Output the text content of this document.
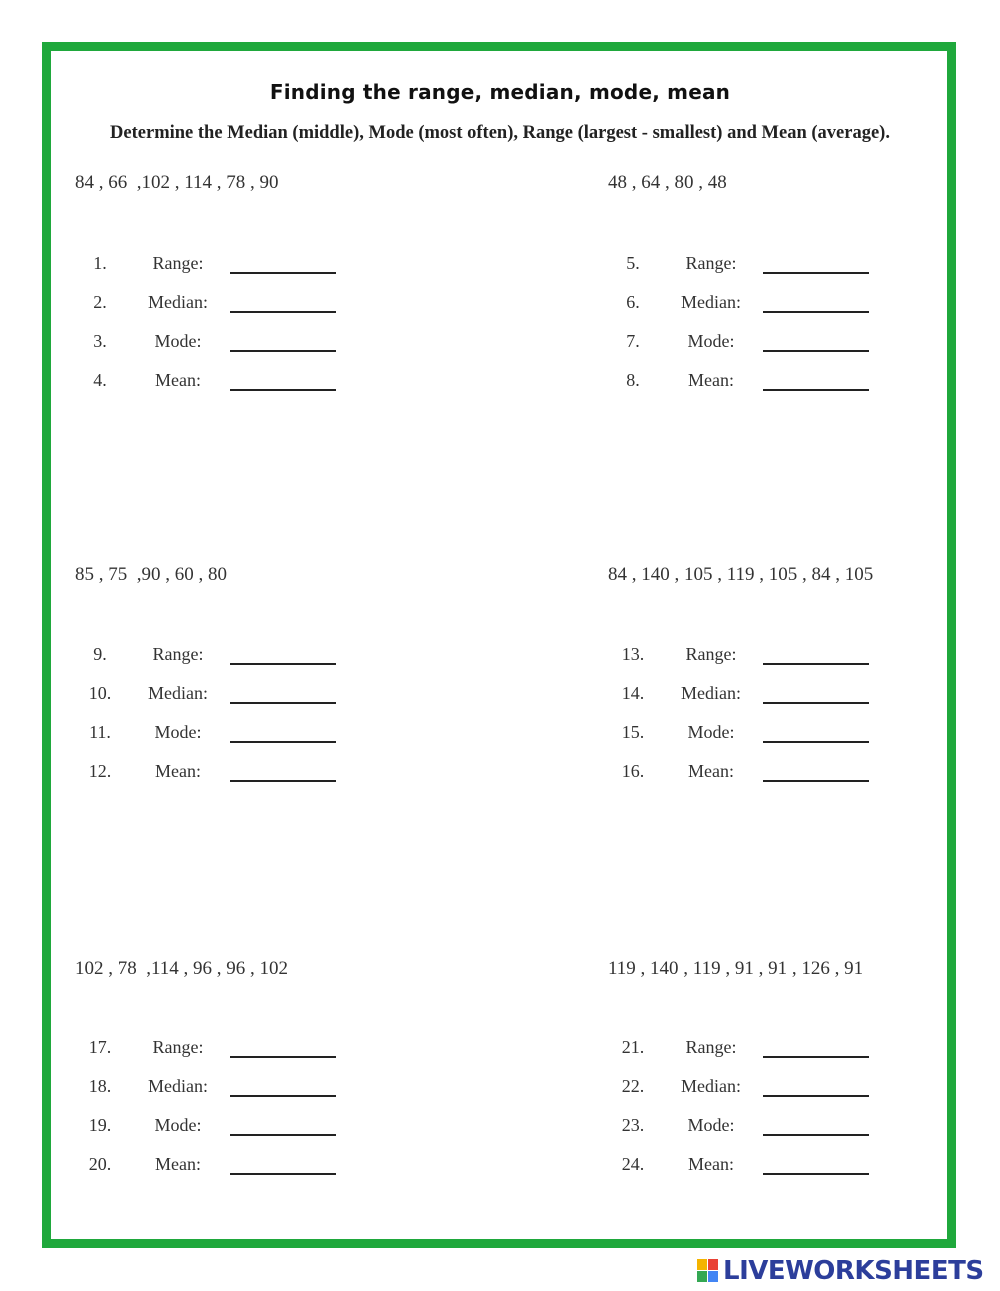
Finding the range, median, mode, mean
Determine the Median (middle), Mode (most often), Range (largest - smallest) and Mean (average).
84 , 66  ,102 , 114 , 78 , 90
1.	Range:
2.	Median:
3.	Mode:
4.	Mean:
48 , 64 , 80 , 48
5.	Range:
6.	Median:
7.	Mode:
8.	Mean:
85 , 75  ,90 , 60 , 80
9.	Range:
10.	Median:
11.	Mode:
12.	Mean:
84 , 140 , 105 , 119 , 105 , 84 , 105
13.	Range:
14.	Median:
15.	Mode:
16.	Mean:
102 , 78  ,114 , 96 , 96 , 102
17.	Range:
18.	Median:
19.	Mode:
20.	Mean:
119 , 140 , 119 , 91 , 91 , 126 , 91
21.	Range:
22.	Median:
23.	Mode:
24.	Mean:
LIVEWORKSHEETS
